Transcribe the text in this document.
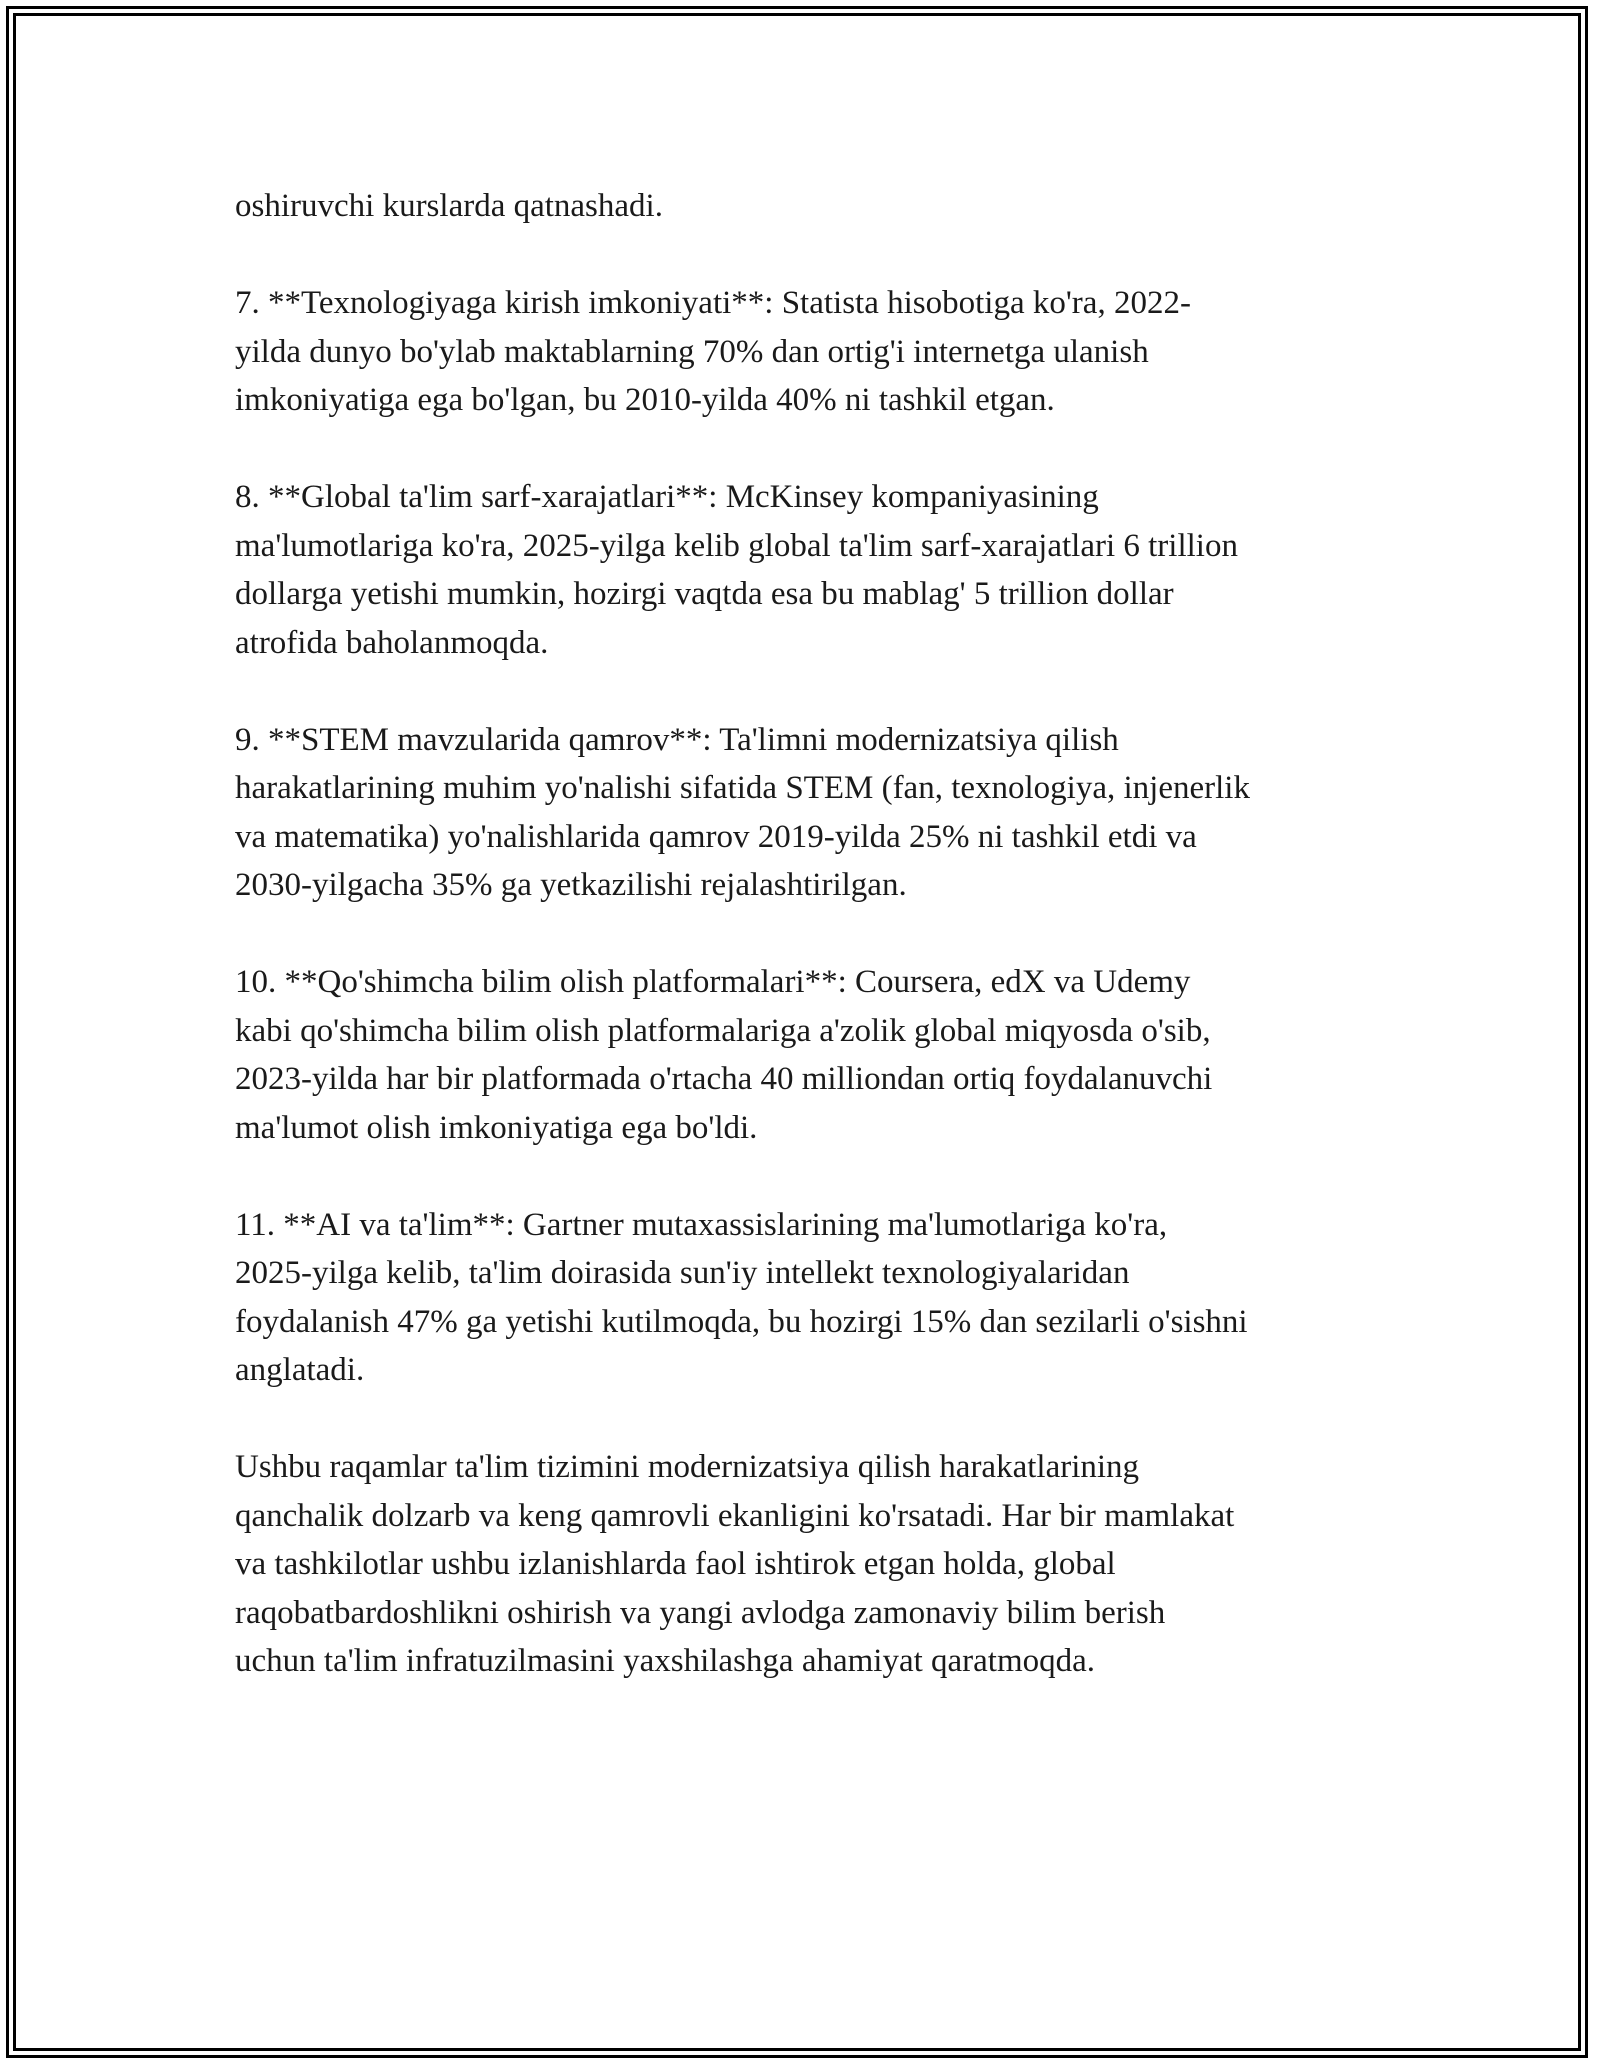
oshiruvchi kurslarda qatnashadi.

7. **Texnologiyaga kirish imkoniyati**: Statista hisobotiga ko'ra, 2022-
yilda dunyo bo'ylab maktablarning 70% dan ortig'i internetga ulanish
imkoniyatiga ega bo'lgan, bu 2010-yilda 40% ni tashkil etgan.

8. **Global ta'lim sarf-xarajatlari**: McKinsey kompaniyasining
ma'lumotlariga ko'ra, 2025-yilga kelib global ta'lim sarf-xarajatlari 6 trillion
dollarga yetishi mumkin, hozirgi vaqtda esa bu mablag' 5 trillion dollar
atrofida baholanmoqda.

9. **STEM mavzularida qamrov**: Ta'limni modernizatsiya qilish
harakatlarining muhim yo'nalishi sifatida STEM (fan, texnologiya, injenerlik
va matematika) yo'nalishlarida qamrov 2019-yilda 25% ni tashkil etdi va
2030-yilgacha 35% ga yetkazilishi rejalashtirilgan.

10. **Qo'shimcha bilim olish platformalari**: Coursera, edX va Udemy
kabi qo'shimcha bilim olish platformalariga a'zolik global miqyosda o'sib,
2023-yilda har bir platformada o'rtacha 40 milliondan ortiq foydalanuvchi
ma'lumot olish imkoniyatiga ega bo'ldi.

11. **AI va ta'lim**: Gartner mutaxassislarining ma'lumotlariga ko'ra,
2025-yilga kelib, ta'lim doirasida sun'iy intellekt texnologiyalaridan
foydalanish 47% ga yetishi kutilmoqda, bu hozirgi 15% dan sezilarli o'sishni
anglatadi.

Ushbu raqamlar ta'lim tizimini modernizatsiya qilish harakatlarining
qanchalik dolzarb va keng qamrovli ekanligini ko'rsatadi. Har bir mamlakat
va tashkilotlar ushbu izlanishlarda faol ishtirok etgan holda, global
raqobatbardoshlikni oshirish va yangi avlodga zamonaviy bilim berish
uchun ta'lim infratuzilmasini yaxshilashga ahamiyat qaratmoqda.
